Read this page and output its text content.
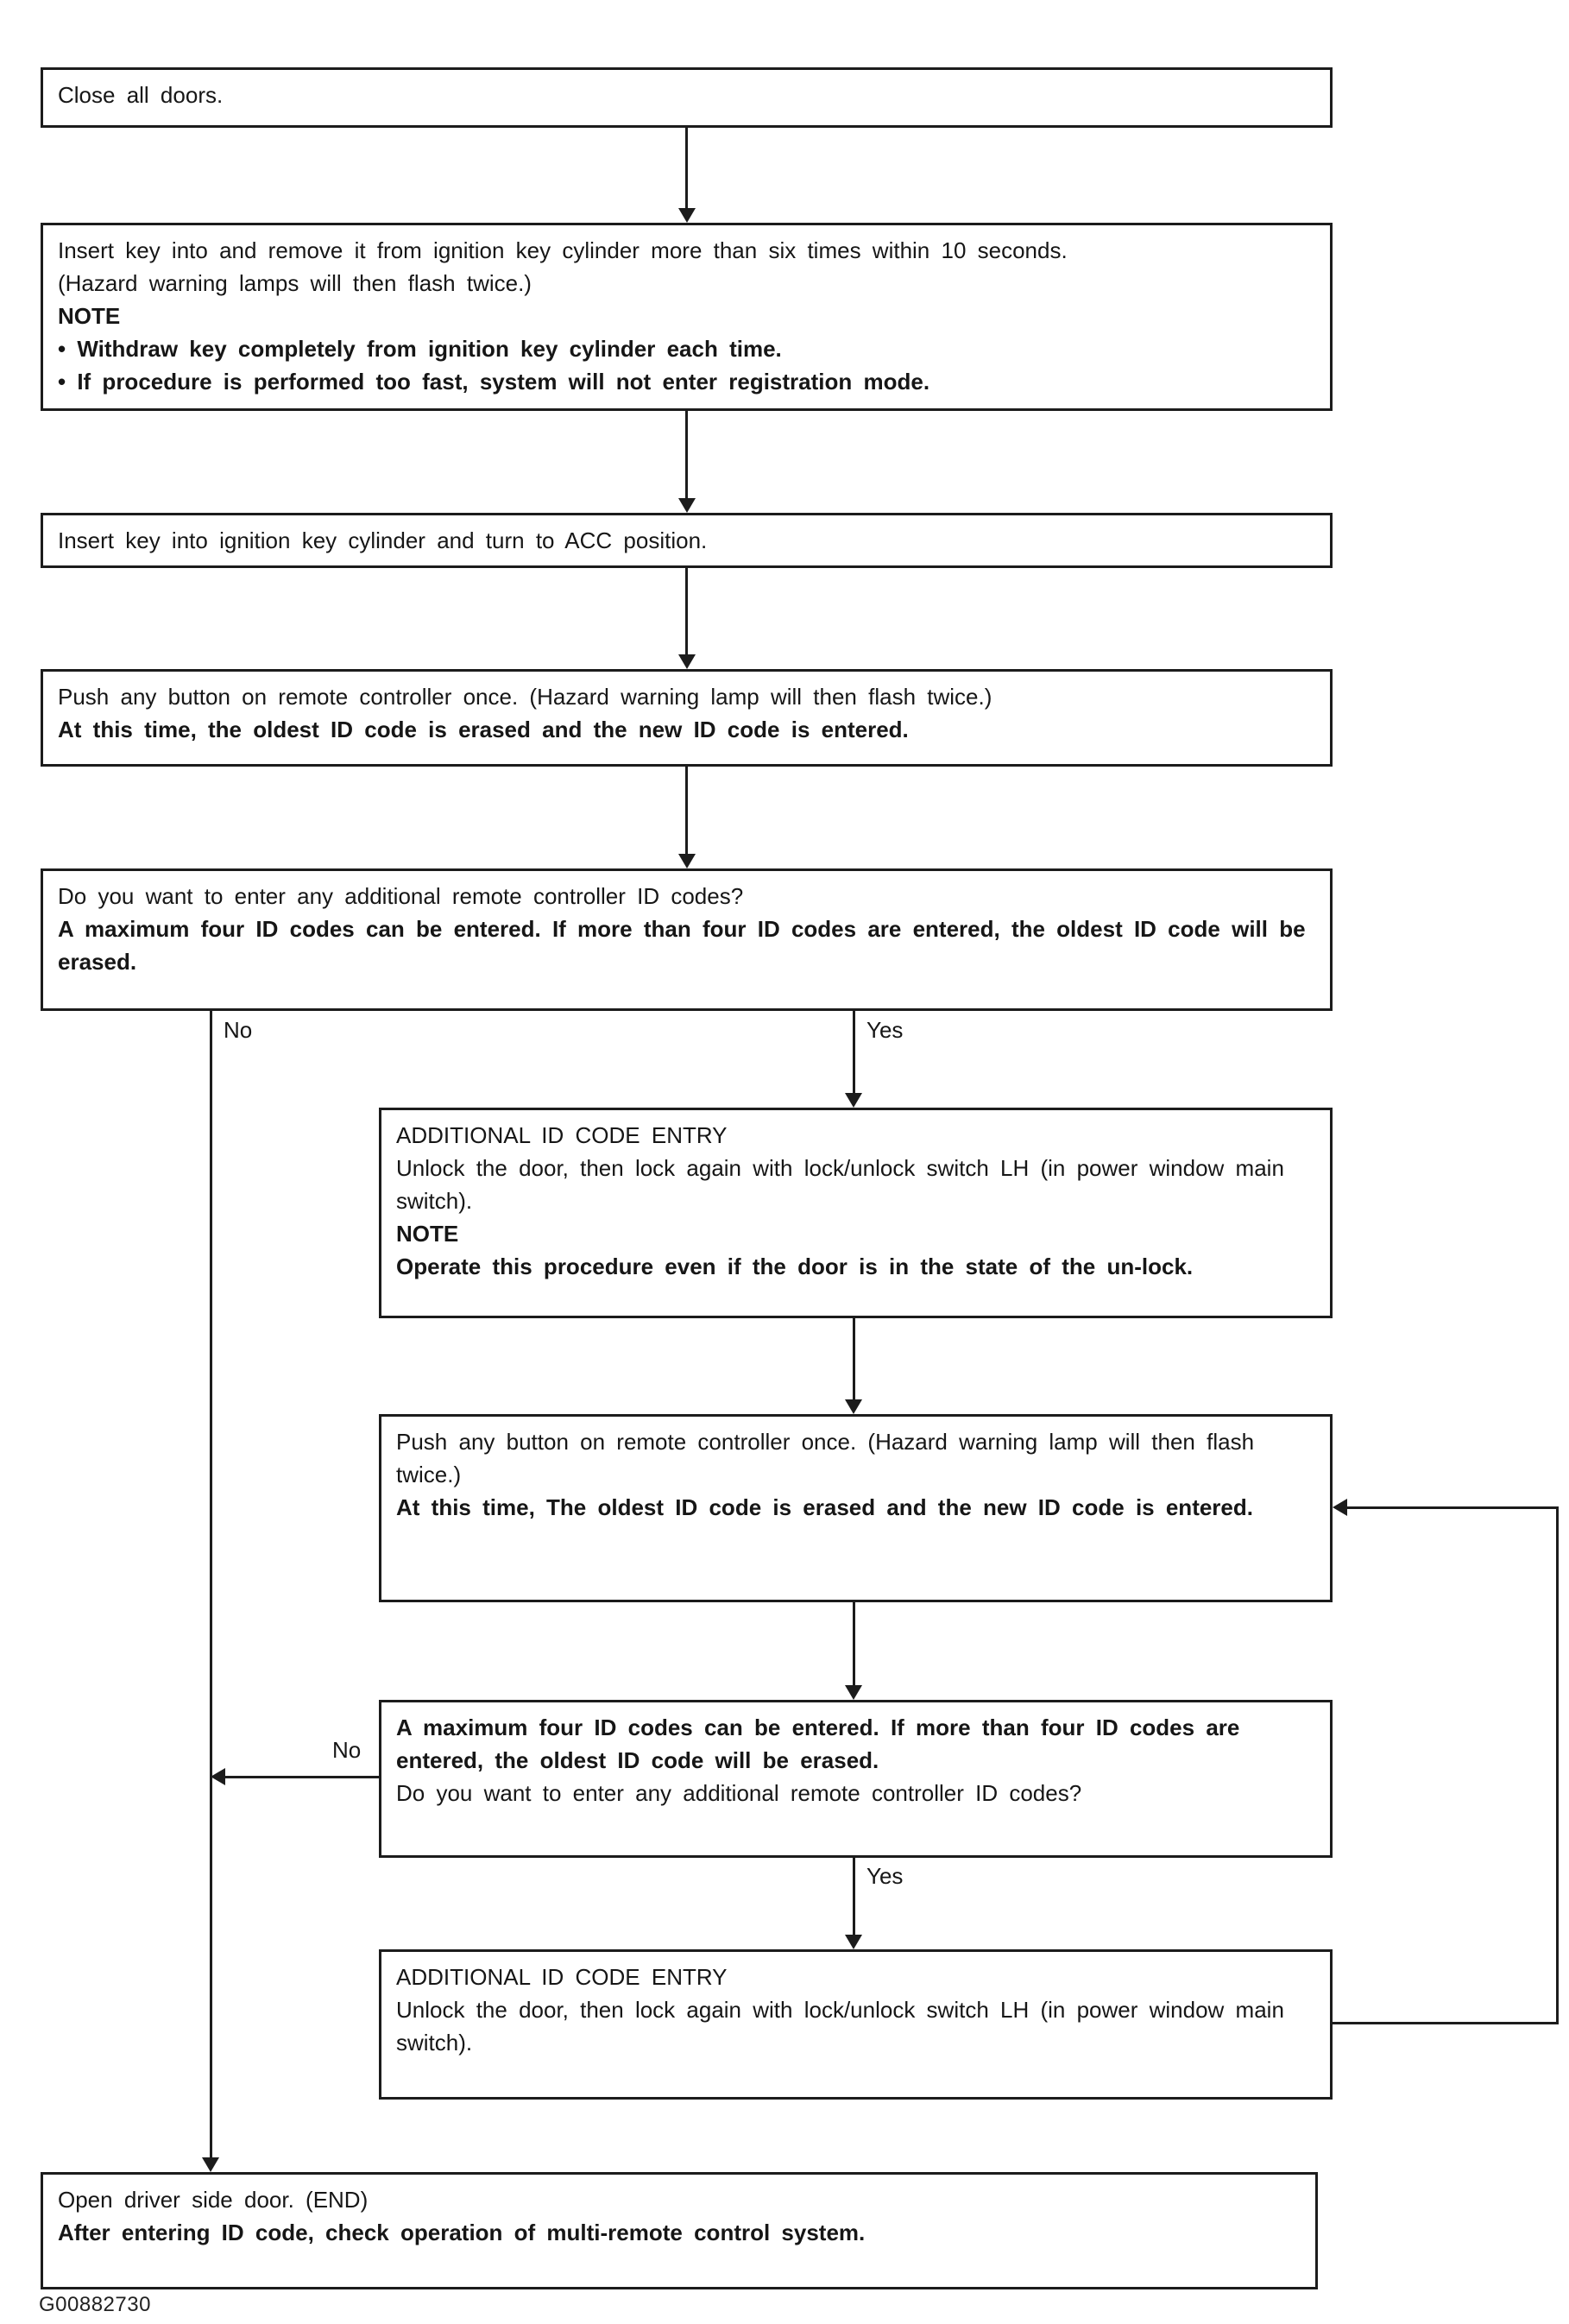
Close all doors.

Insert key into and remove it from ignition key cylinder more than six times within 10 seconds.

(Hazard warning lamps will then flash twice.)

NOTE

• Withdraw key completely from ignition key cylinder each time.

• If procedure is performed too fast, system will not enter registration mode.

Insert key into ignition key cylinder and turn to ACC position.

Push any button on remote controller once. (Hazard warning lamp will then flash twice.)

At this time, the oldest ID code is erased and the new ID code is entered.

Do you want to enter any additional remote controller ID codes?

A maximum four ID codes can be entered. If more than four ID codes are entered, the oldest ID code will be erased.

No	Yes

ADDITIONAL ID CODE ENTRY

Unlock the door, then lock again with lock/unlock switch LH (in power window main switch).

NOTE

Operate this procedure even if the door is in the state of the un-lock.

Push any button on remote controller once. (Hazard warning lamp will then flash twice.)

At this time, The oldest ID code is erased and the new ID code is entered.

A maximum four ID codes can be entered. If more than four ID codes are entered, the oldest ID code will be erased.

Do you want to enter any additional remote controller ID codes?

No
Yes

ADDITIONAL ID CODE ENTRY

Unlock the door, then lock again with lock/unlock switch LH (in power window main switch).

Open driver side door. (END)

After entering ID code, check operation of multi-remote control system.

G00882730
